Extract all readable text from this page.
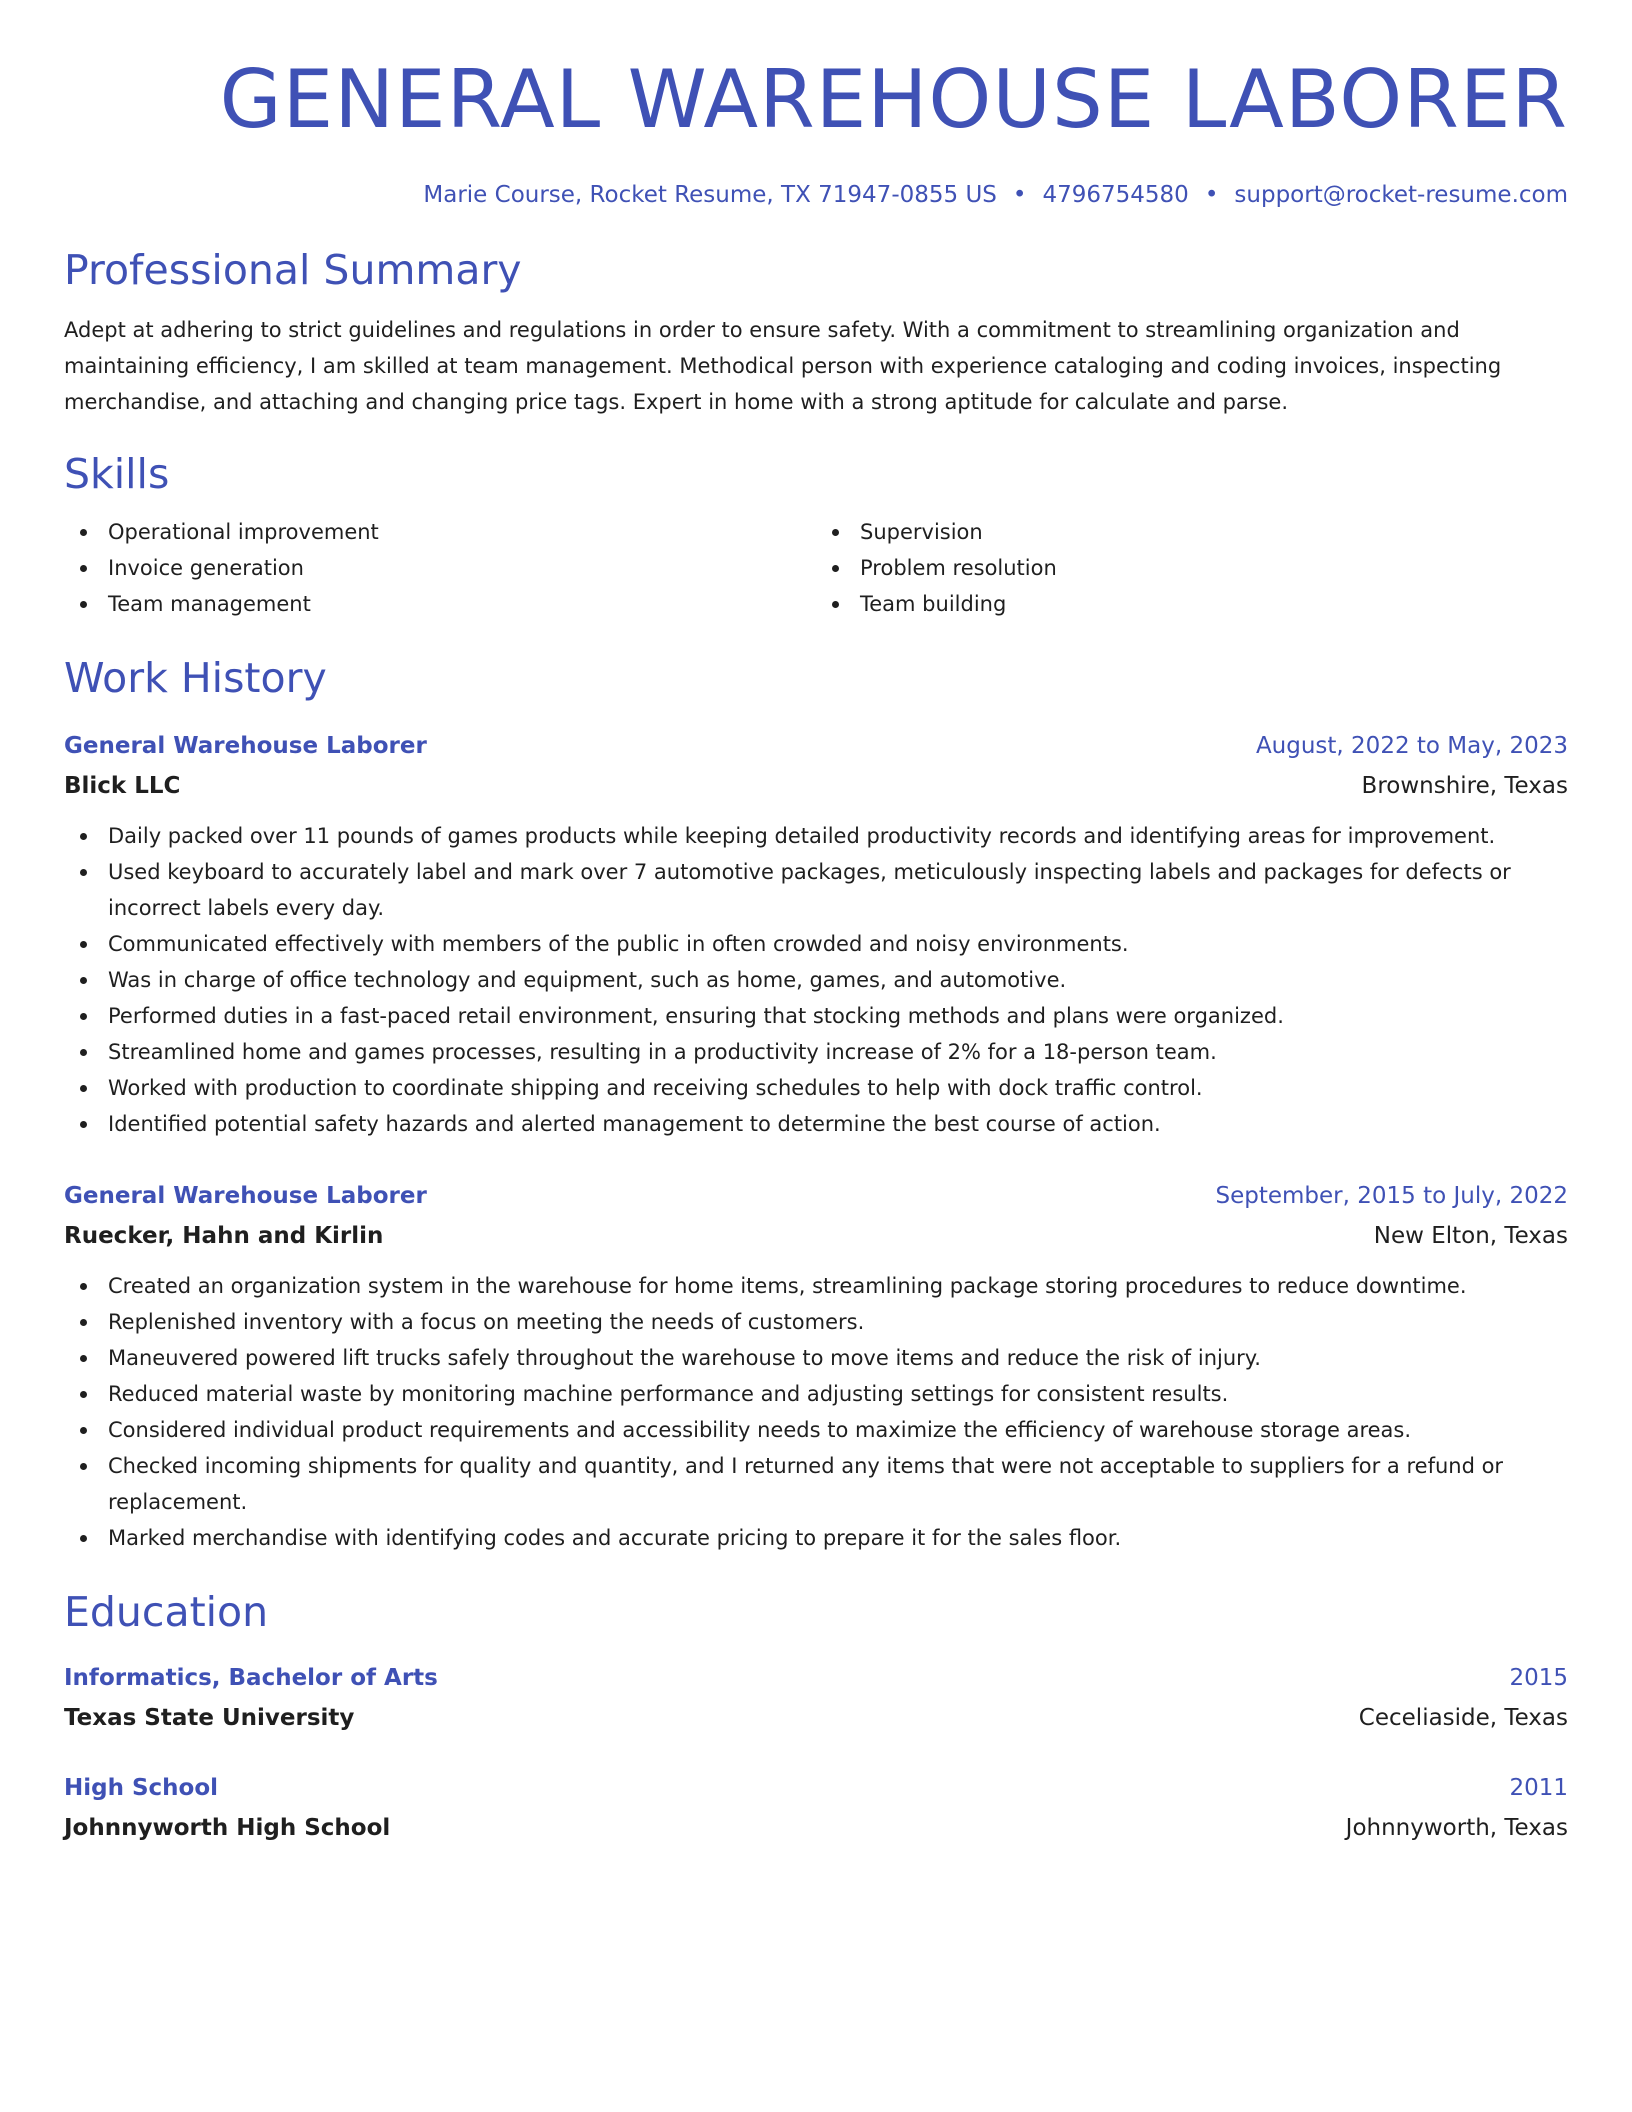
GENERAL WAREHOUSE LABORER
Marie Course, Rocket Resume, TX 71947-0855 US • 4796754580 • support@rocket-resume.com
Professional Summary

Adept at adhering to strict guidelines and regulations in order to ensure safety. With a commitment to streamlining organization and maintaining efficiency, I am skilled at team management. Methodical person with experience cataloging and coding invoices, inspecting merchandise, and attaching and changing price tags. Expert in home with a strong aptitude for calculate and parse.

Skills
Operational improvement
Invoice generation
Team management
Supervision
Problem resolution
Team building
Work History
General Warehouse Laborer	August, 2022 to May, 2023
Blick LLC	Brownshire, Texas
Daily packed over 11 pounds of games products while keeping detailed productivity records and identifying areas for improvement.
Used keyboard to accurately label and mark over 7 automotive packages, meticulously inspecting labels and packages for defects or incorrect labels every day.
Communicated effectively with members of the public in often crowded and noisy environments.
Was in charge of office technology and equipment, such as home, games, and automotive.
Performed duties in a fast-paced retail environment, ensuring that stocking methods and plans were organized.
Streamlined home and games processes, resulting in a productivity increase of 2% for a 18-person team.
Worked with production to coordinate shipping and receiving schedules to help with dock traffic control.
Identified potential safety hazards and alerted management to determine the best course of action.
General Warehouse Laborer	September, 2015 to July, 2022
Ruecker, Hahn and Kirlin	New Elton, Texas
Created an organization system in the warehouse for home items, streamlining package storing procedures to reduce downtime.
Replenished inventory with a focus on meeting the needs of customers.
Maneuvered powered lift trucks safely throughout the warehouse to move items and reduce the risk of injury.
Reduced material waste by monitoring machine performance and adjusting settings for consistent results.
Considered individual product requirements and accessibility needs to maximize the efficiency of warehouse storage areas.
Checked incoming shipments for quality and quantity, and I returned any items that were not acceptable to suppliers for a refund or replacement.
Marked merchandise with identifying codes and accurate pricing to prepare it for the sales floor.
Education
Informatics, Bachelor of Arts	2015
Texas State University	Ceceliaside, Texas
High School	2011
Johnnyworth High School	Johnnyworth, Texas
